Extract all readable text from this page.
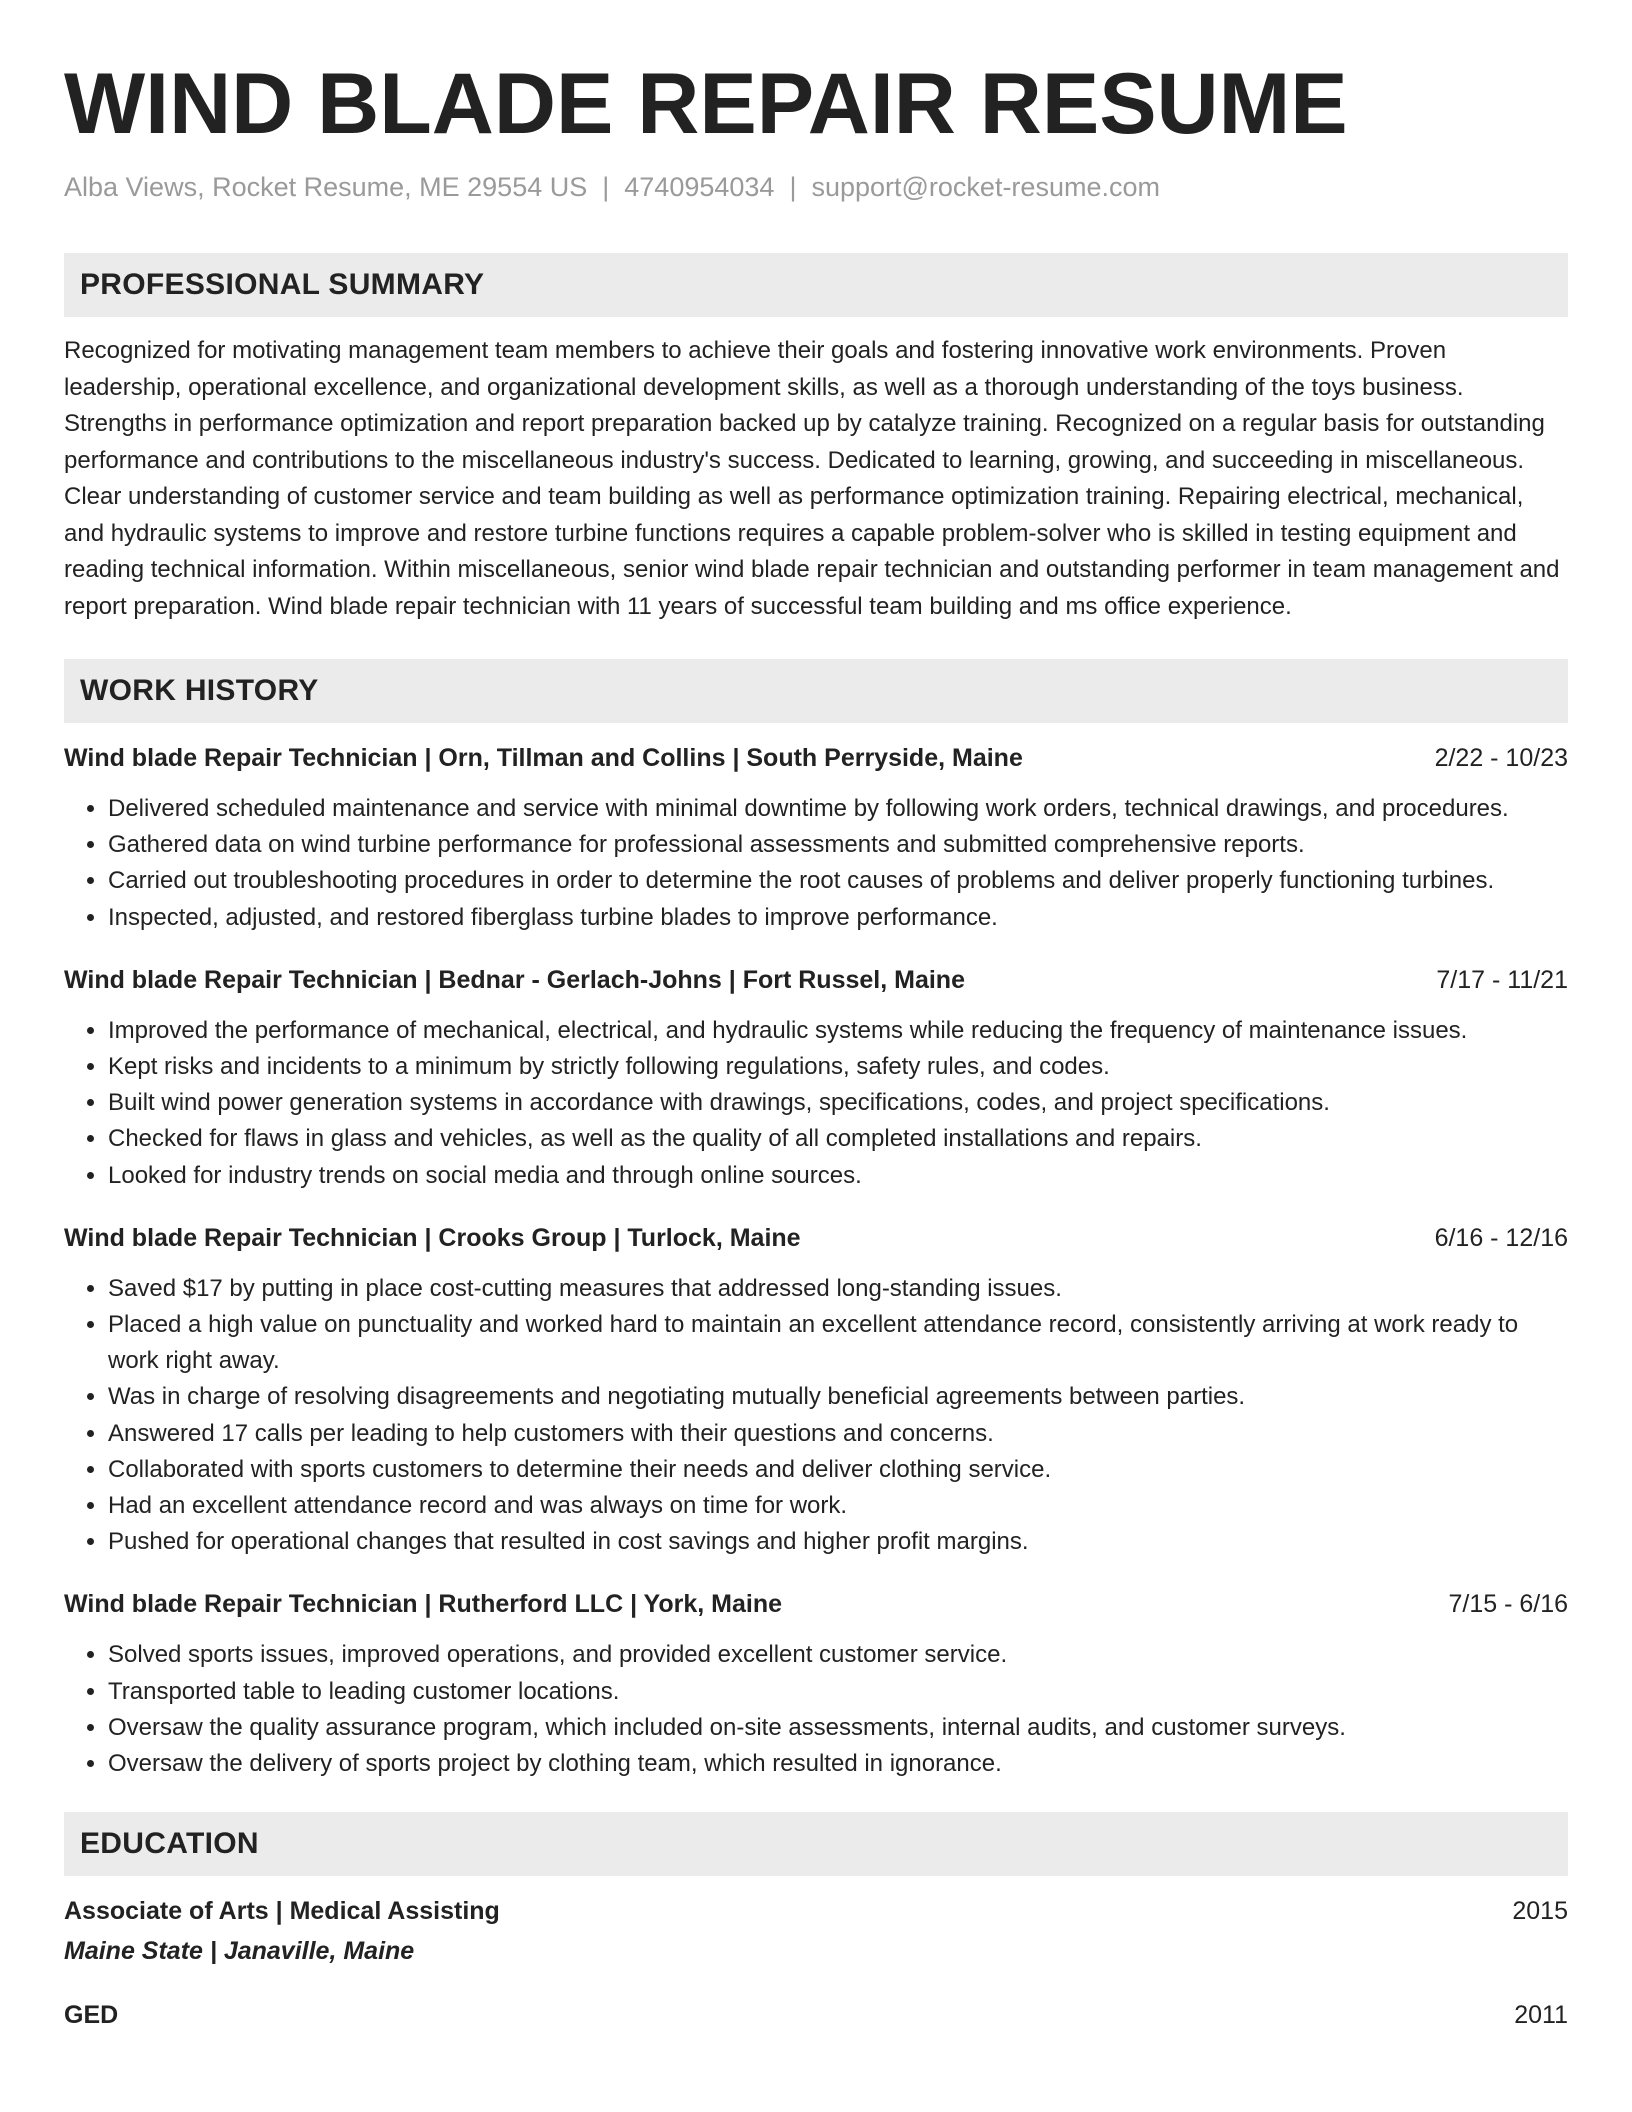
WIND BLADE REPAIR RESUME
Alba Views, Rocket Resume, ME 29554 US | 4740954034 | support@rocket-resume.com
PROFESSIONAL SUMMARY

Recognized for motivating management team members to achieve their goals and fostering innovative work environments. Proven leadership, operational excellence, and organizational development skills, as well as a thorough understanding of the toys business. Strengths in performance optimization and report preparation backed up by catalyze training. Recognized on a regular basis for outstanding performance and contributions to the miscellaneous industry's success. Dedicated to learning, growing, and succeeding in miscellaneous. Clear understanding of customer service and team building as well as performance optimization training. Repairing electrical, mechanical, and hydraulic systems to improve and restore turbine functions requires a capable problem-solver who is skilled in testing equipment and reading technical information. Within miscellaneous, senior wind blade repair technician and outstanding performer in team management and report preparation. Wind blade repair technician with 11 years of successful team building and ms office experience.

WORK HISTORY
Wind blade Repair Technician | Orn, Tillman and Collins | South Perryside, Maine	2/22 - 10/23
• Delivered scheduled maintenance and service with minimal downtime by following work orders, technical drawings, and procedures.
• Gathered data on wind turbine performance for professional assessments and submitted comprehensive reports.
• Carried out troubleshooting procedures in order to determine the root causes of problems and deliver properly functioning turbines.
• Inspected, adjusted, and restored fiberglass turbine blades to improve performance.
Wind blade Repair Technician | Bednar - Gerlach-Johns | Fort Russel, Maine	7/17 - 11/21
• Improved the performance of mechanical, electrical, and hydraulic systems while reducing the frequency of maintenance issues.
• Kept risks and incidents to a minimum by strictly following regulations, safety rules, and codes.
• Built wind power generation systems in accordance with drawings, specifications, codes, and project specifications.
• Checked for flaws in glass and vehicles, as well as the quality of all completed installations and repairs.
• Looked for industry trends on social media and through online sources.
Wind blade Repair Technician | Crooks Group | Turlock, Maine	6/16 - 12/16
• Saved $17 by putting in place cost-cutting measures that addressed long-standing issues.
• Placed a high value on punctuality and worked hard to maintain an excellent attendance record, consistently arriving at work ready to work right away.
• Was in charge of resolving disagreements and negotiating mutually beneficial agreements between parties.
• Answered 17 calls per leading to help customers with their questions and concerns.
• Collaborated with sports customers to determine their needs and deliver clothing service.
• Had an excellent attendance record and was always on time for work.
• Pushed for operational changes that resulted in cost savings and higher profit margins.
Wind blade Repair Technician | Rutherford LLC | York, Maine	7/15 - 6/16
• Solved sports issues, improved operations, and provided excellent customer service.
• Transported table to leading customer locations.
• Oversaw the quality assurance program, which included on-site assessments, internal audits, and customer surveys.
• Oversaw the delivery of sports project by clothing team, which resulted in ignorance.
EDUCATION
Associate of Arts | Medical Assisting	2015
Maine State | Janaville, Maine
GED	2011
